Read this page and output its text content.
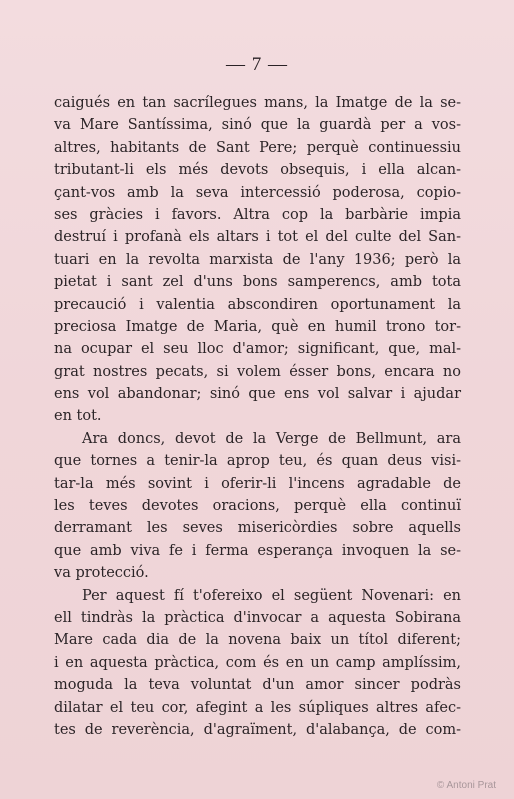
— 7 —
caigués en tan sacrílegues mans, la Imatge de la se-
va Mare Santíssima, sinó que la guardà per a vos-
altres, habitants de Sant Pere; perquè continuessiu
tributant-li els més devots obsequis, i ella alcan-
çant-vos amb la seva intercessió poderosa, copio-
ses gràcies i favors. Altra cop la barbàrie impia
destruí i profanà els altars i tot el del culte del San-
tuari en la revolta marxista de l'any 1936; però la
pietat i sant zel d'uns bons samperencs, amb tota
precaució i valentia abscondiren oportunament la
preciosa Imatge de Maria, què en humil trono tor-
na ocupar el seu lloc d'amor; significant, que, mal-
grat nostres pecats, si volem ésser bons, encara no
ens vol abandonar; sinó que ens vol salvar i ajudar
en tot.
Ara doncs, devot de la Verge de Bellmunt, ara
que tornes a tenir-la aprop teu, és quan deus visi-
tar-la més sovint i oferir-li l'incens agradable de
les teves devotes oracions, perquè ella continuï
derramant les seves misericòrdies sobre aquells
que amb viva fe i ferma esperança invoquen la se-
va protecció.
Per aquest fí t'ofereixo el següent Novenari: en
ell tindràs la pràctica d'invocar a aquesta Sobirana
Mare cada dia de la novena baix un títol diferent;
i en aquesta pràctica, com és en un camp amplíssim,
moguda la teva voluntat d'un amor sincer podràs
dilatar el teu cor, afegint a les súpliques altres afec-
tes de reverència, d'agraïment, d'alabança, de com-
© Antoni Prat
